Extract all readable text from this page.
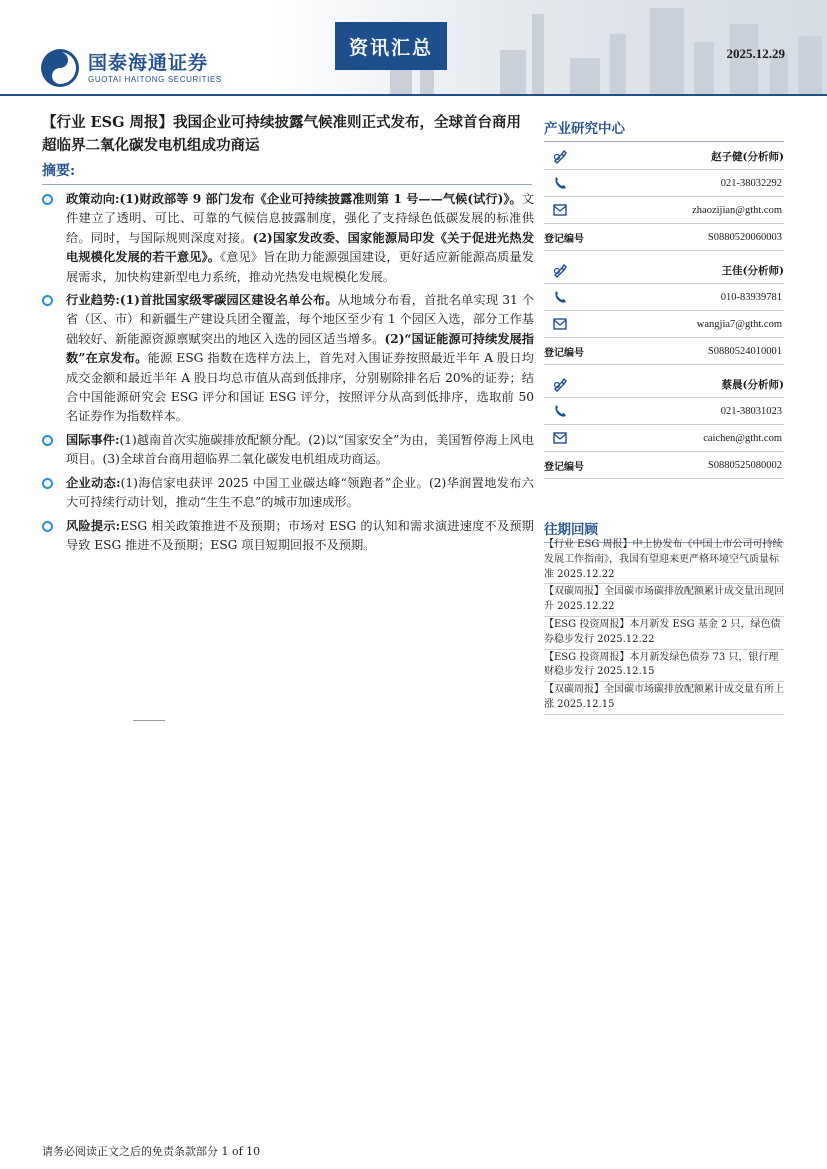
国泰海通证券
GUOTAI HAITONG SECURITIES
资讯汇总	2025.12.29
【行业 ESG 周报】我国企业可持续披露气候准则正式发布，全球首台商用超临界二氧化碳发电机组成功商运
摘要:
政策动向:(1)财政部等 9 部门发布《企业可持续披露准则第 1 号——气候(试行)》。文件建立了透明、可比、可靠的气候信息披露制度，强化了支持绿色低碳发展的标准供给。同时，与国际规则深度对接。(2)国家发改委、国家能源局印发《关于促进光热发电规模化发展的若干意见》。《意见》旨在助力能源强国建设，更好适应新能源高质量发展需求，加快构建新型电力系统，推动光热发电规模化发展。
行业趋势:(1)首批国家级零碳园区建设名单公布。从地域分布看，首批名单实现 31 个省（区、市）和新疆生产建设兵团全覆盖，每个地区至少有 1 个园区入选，部分工作基础较好、新能源资源禀赋突出的地区入选的园区适当增多。(2)“国证能源可持续发展指数”在京发布。能源 ESG 指数在选样方法上，首先对入围证券按照最近半年 A 股日均成交金额和最近半年 A 股日均总市值从高到低排序，分别剔除排名后 20%的证券；结合中国能源研究会 ESG 评分和国证 ESG 评分，按照评分从高到低排序，选取前 50 名证券作为指数样本。
国际事件:(1)越南首次实施碳排放配额分配。(2)以“国家安全”为由，美国暂停海上风电项目。(3)全球首台商用超临界二氧化碳发电机组成功商运。
企业动态:(1)海信家电获评 2025 中国工业碳达峰“领跑者”企业。(2)华润置地发布六大可持续行动计划，推动“生生不息”的城市加速成形。
风险提示:ESG 相关政策推进不及预期；市场对 ESG 的认知和需求演进速度不及预期导致 ESG 推进不及预期；ESG 项目短期回报不及预期。
产业研究中心
赵子健(分析师)
021-38032292
zhaozijian@gtht.com
登记编号	S0880520060003
王佳(分析师)
010-83939781
wangjia7@gtht.com
登记编号	S0880524010001
蔡晨(分析师)
021-38031023
caichen@gtht.com
登记编号	S0880525080002
往期回顾
【行业 ESG 周报】中上协发布《中国上市公司可持续发展工作指南》，我国有望迎来更严格环境空气质量标准 2025.12.22
【双碳周报】全国碳市场碳排放配额累计成交量出现回升 2025.12.22
【ESG 投资周报】本月新发 ESG 基金 2 只，绿色债券稳步发行 2025.12.22
【ESG 投资周报】本月新发绿色债券 73 只，银行理财稳步发行 2025.12.15
【双碳周报】全国碳市场碳排放配额累计成交量有所上涨 2025.12.15
请务必阅读正文之后的免责条款部分 1 of 10
